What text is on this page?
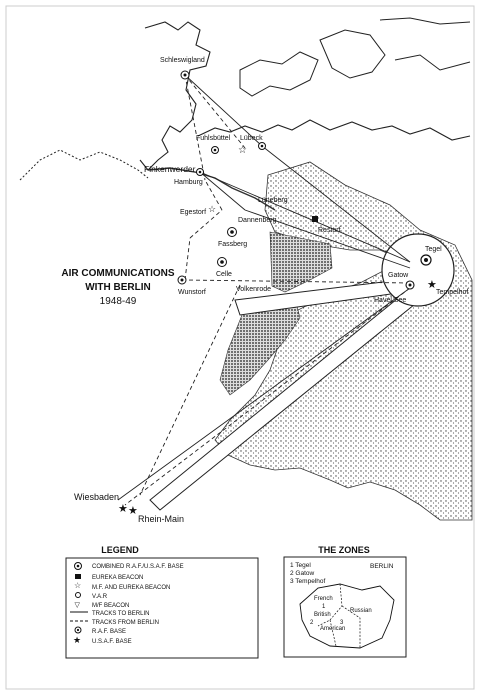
★
☆
☆
★ ★
Schleswigland
Lübeck
Fuhlsbüttel
Finkenwerder
Hamburg
Lüneberg
Egestorf
Restorf
Dannenberg
Fassberg
Celle
Wunstorf	Volkenrode
Tegel
Gatow
Havel See
Tempelhof
Wiesbaden
Rhein-Main
AIR COMMUNICATIONS
WITH BERLIN
1948-49
LEGEND
☆
▽
★
COMBINED R.A.F./U.S.A.F. BASE
EUREKA BEACON
M.F. AND EUREKA BEACON
V.A.R
M/F BEACON
TRACKS TO BERLIN
TRACKS FROM BERLIN
R.A.F. BASE
U.S.A.F. BASE
THE ZONES
1 Tegel
2 Gatow
3 Tempelhof
BERLIN
French
British
Russian
American
1
2	3
